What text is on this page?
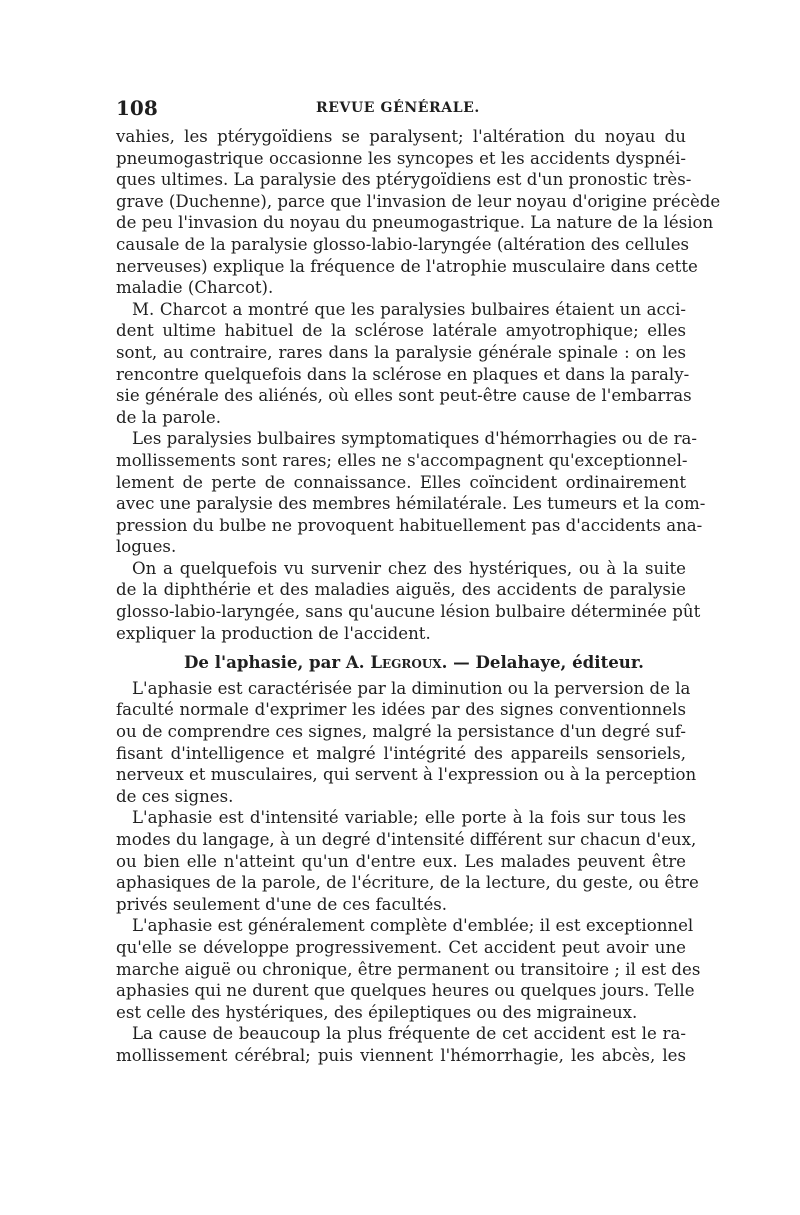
108	REVUE GÉNÉRALE.
vahies, les ptérygoïdiens se paralysent; l'altération du noyau du
pneumogastrique occasionne les syncopes et les accidents dyspnéi-
ques ultimes. La paralysie des ptérygoïdiens est d'un pronostic très-
grave (Duchenne), parce que l'invasion de leur noyau d'origine précède
de peu l'invasion du noyau du pneumogastrique. La nature de la lésion
causale de la paralysie glosso-labio-laryngée (altération des cellules
nerveuses) explique la fréquence de l'atrophie musculaire dans cette
maladie (Charcot).
M. Charcot a montré que les paralysies bulbaires étaient un acci-
dent ultime habituel de la sclérose latérale amyotrophique; elles
sont, au contraire, rares dans la paralysie générale spinale : on les
rencontre quelquefois dans la sclérose en plaques et dans la paraly-
sie générale des aliénés, où elles sont peut-être cause de l'embarras
de la parole.
Les paralysies bulbaires symptomatiques d'hémorrhagies ou de ra-
mollissements sont rares; elles ne s'accompagnent qu'exceptionnel-
lement de perte de connaissance. Elles coïncident ordinairement
avec une paralysie des membres hémilatérale. Les tumeurs et la com-
pression du bulbe ne provoquent habituellement pas d'accidents ana-
logues.
On a quelquefois vu survenir chez des hystériques, ou à la suite
de la diphthérie et des maladies aiguës, des accidents de paralysie
glosso-labio-laryngée, sans qu'aucune lésion bulbaire déterminée pût
expliquer la production de l'accident.
De l'aphasie, par A. Legroux. — Delahaye, éditeur.
L'aphasie est caractérisée par la diminution ou la perversion de la
faculté normale d'exprimer les idées par des signes conventionnels
ou de comprendre ces signes, malgré la persistance d'un degré suf-
fisant d'intelligence et malgré l'intégrité des appareils sensoriels,
nerveux et musculaires, qui servent à l'expression ou à la perception
de ces signes.
L'aphasie est d'intensité variable; elle porte à la fois sur tous les
modes du langage, à un degré d'intensité différent sur chacun d'eux,
ou bien elle n'atteint qu'un d'entre eux. Les malades peuvent être
aphasiques de la parole, de l'écriture, de la lecture, du geste, ou être
privés seulement d'une de ces facultés.
L'aphasie est généralement complète d'emblée; il est exceptionnel
qu'elle se développe progressivement. Cet accident peut avoir une
marche aiguë ou chronique, être permanent ou transitoire ; il est des
aphasies qui ne durent que quelques heures ou quelques jours. Telle
est celle des hystériques, des épileptiques ou des migraineux.
La cause de beaucoup la plus fréquente de cet accident est le ra-
mollissement cérébral; puis viennent l'hémorrhagie, les abcès, les
